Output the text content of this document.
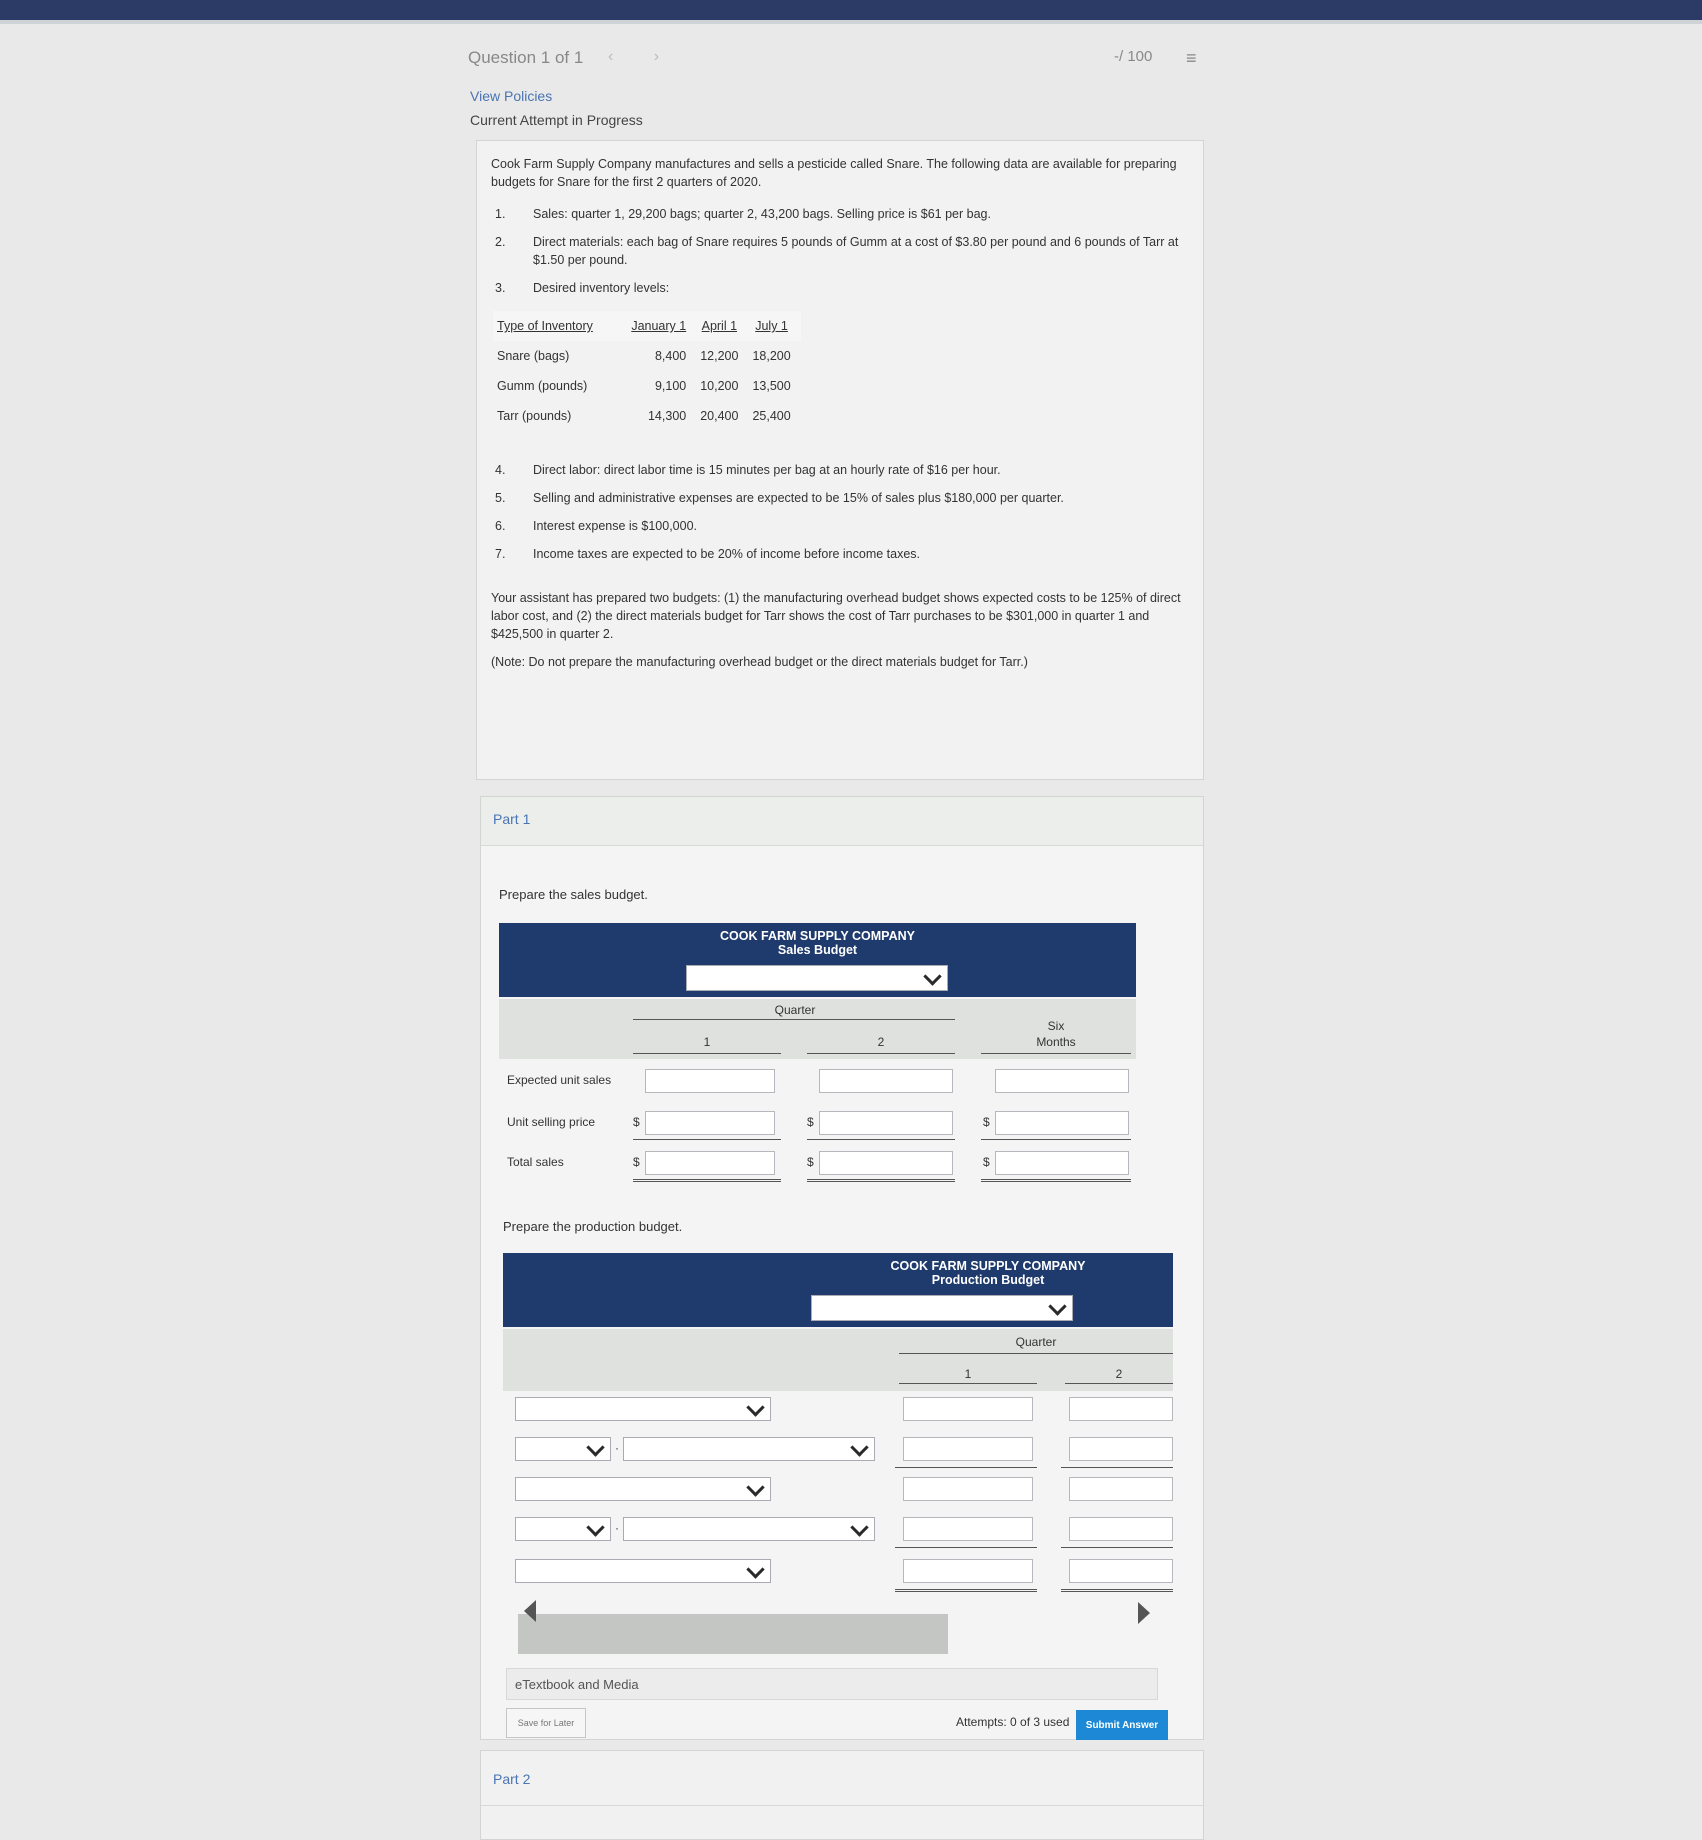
Question 1 of 1 ‹ ›	-/ 100 ≡
View Policies
Current Attempt in Progress

Cook Farm Supply Company manufactures and sells a pesticide called Snare. The following data are available for preparing budgets for Snare for the first 2 quarters of 2020.

1.	Sales: quarter 1, 29,200 bags; quarter 2, 43,200 bags. Selling price is $61 per bag.
2.	Direct materials: each bag of Snare requires 5 pounds of Gumm at a cost of $3.80 per pound and 6 pounds of Tarr at $1.50 per pound.
3.	Desired inventory levels:
Type of Inventory	January 1	April 1	July 1
Snare (bags)	8,400	12,200	18,200
Gumm (pounds)	9,100	10,200	13,500
Tarr (pounds)	14,300	20,400	25,400
4.	Direct labor: direct labor time is 15 minutes per bag at an hourly rate of $16 per hour.
5.	Selling and administrative expenses are expected to be 15% of sales plus $180,000 per quarter.
6.	Interest expense is $100,000.
7.	Income taxes are expected to be 20% of income before income taxes.

Your assistant has prepared two budgets: (1) the manufacturing overhead budget shows expected costs to be 125% of direct labor cost, and (2) the direct materials budget for Tarr shows the cost of Tarr purchases to be $301,000 in quarter 1 and $425,500 in quarter 2.

(Note: Do not prepare the manufacturing overhead budget or the direct materials budget for Tarr.)

Part 1
Prepare the sales budget.
COOK FARM SUPPLY COMPANY
Sales Budget
Quarter
1	2
Six
Months
Expected unit sales
Unit selling price	$	$	$
Total sales	$	$	$
Prepare the production budget.
COOK FARM SUPPLY COMPANY
Production Budget
Quarter
1	2
·
·
eTextbook and Media
Save for Later	Attempts: 0 of 3 used	Submit Answer
Part 2
